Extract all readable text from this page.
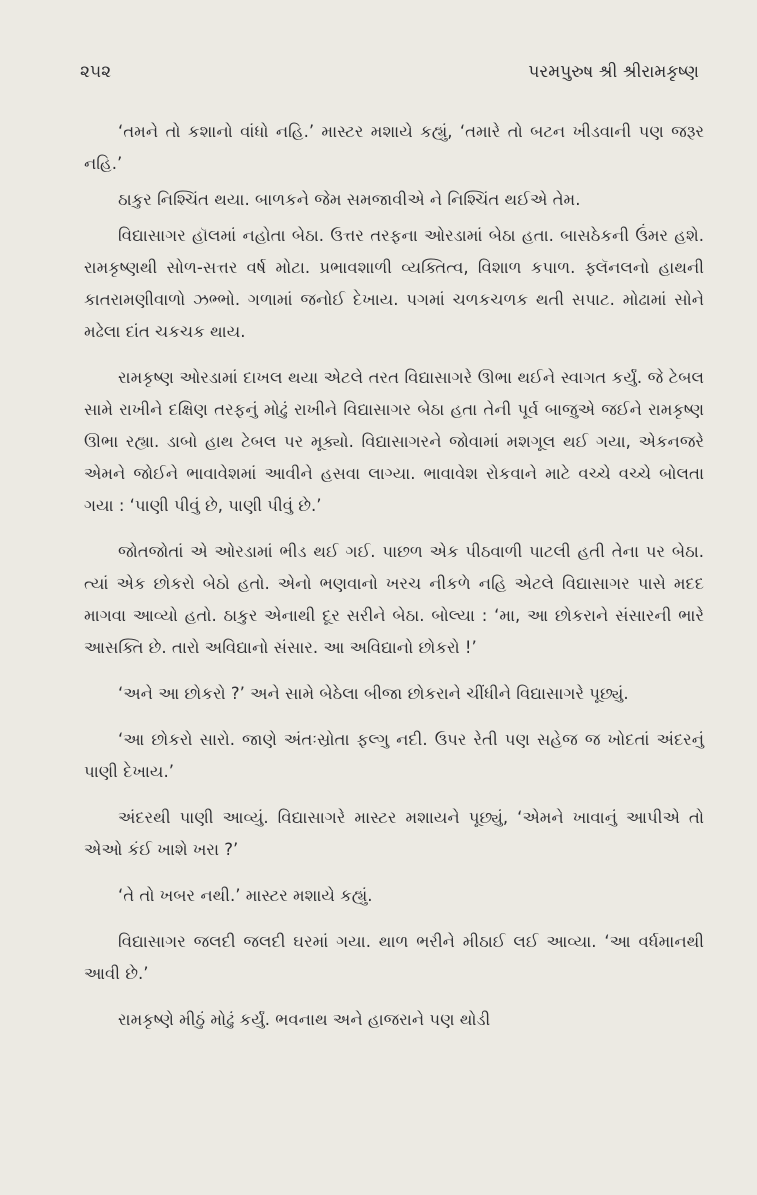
૨૫૨	પરમપુરુષ શ્રી શ્રીરામકૃષ્ણ

‘તમને તો કશાનો વાંધો નહિ.’ માસ્ટર મશાયે કહ્યું, ‘તમારે તો બટન ખીડવાની પણ જરૂર નહિ.’

ઠાકુર નિશ્ચિંત થયા. બાળકને જેમ સમજાવીએ ને નિશ્ચિંત થઈએ તેમ.

વિદ્યાસાગર હૉલમાં નહોતા બેઠા. ઉત્તર તરફના ઓરડામાં બેઠા હતા. બાસઠેકની ઉંમર હશે. રામકૃષ્ણથી સોળ-સત્તર વર્ષ મોટા. પ્રભાવશાળી વ્યક્તિત્વ, વિશાળ કપાળ. ફ્લૅનલનો હાથની કાતરામણીવાળો ઝભ્ભો. ગળામાં જનોઈ દેખાય. પગમાં ચળકચળક થતી સપાટ. મોઢામાં સોને મઢેલા દાંત ચકચક થાય.

રામકૃષ્ણ ઓરડામાં દાખલ થયા એટલે તરત વિદ્યાસાગરે ઊભા થઈને સ્વાગત કર્યું. જે ટેબલ સામે રાખીને દક્ષિણ તરફનું મોઢું રાખીને વિદ્યાસાગર બેઠા હતા તેની પૂર્વ બાજુએ જઈને રામકૃષ્ણ ઊભા રહ્યા. ડાબો હાથ ટેબલ પર મૂક્યો. વિદ્યાસાગરને જોવામાં મશગૂલ થઈ ગયા, એકનજરે એમને જોઈને ભાવાવેશમાં આવીને હસવા લાગ્યા. ભાવાવેશ રોકવાને માટે વચ્ચે વચ્ચે બોલતા ગયા : ‘પાણી પીવું છે, પાણી પીવું છે.’

જોતજોતાં એ ઓરડામાં ભીડ થઈ ગઈ. પાછળ એક પીઠવાળી પાટલી હતી તેના પર બેઠા. ત્યાં એક છોકરો બેઠો હતો. એનો ભણવાનો ખરચ નીકળે નહિ એટલે વિદ્યાસાગર પાસે મદદ માગવા આવ્યો હતો. ઠાકુર એનાથી દૂર સરીને બેઠા. બોલ્યા : ‘મા, આ છોકરાને સંસારની ભારે આસક્તિ છે. તારો અવિદ્યાનો સંસાર. આ અવિદ્યાનો છોકરો !’

‘અને આ છોકરો ?’ અને સામે બેઠેલા બીજા છોકરાને ચીંધીને વિદ્યાસાગરે પૂછ્યું.

‘આ છોકરો સારો. જાણે અંતઃસ્રોતા ફલ્ગુ નદી. ઉપર રેતી પણ સહેજ જ ખોદતાં અંદરનું પાણી દેખાય.’

અંદરથી પાણી આવ્યું. વિદ્યાસાગરે માસ્ટર મશાયને પૂછ્યું, ‘એમને ખાવાનું આપીએ તો એઓ કંઈ ખાશે ખરા ?’

‘તે તો ખબર નથી.’ માસ્ટર મશાયે કહ્યું.

વિદ્યાસાગર જલદી જલદી ઘરમાં ગયા. થાળ ભરીને મીઠાઈ લઈ આવ્યા. ‘આ વર્ધમાનથી આવી છે.’

રામકૃષ્ણે મીઠું મોઢું કર્યું. ભવનાથ અને હાજરાને પણ થોડી
